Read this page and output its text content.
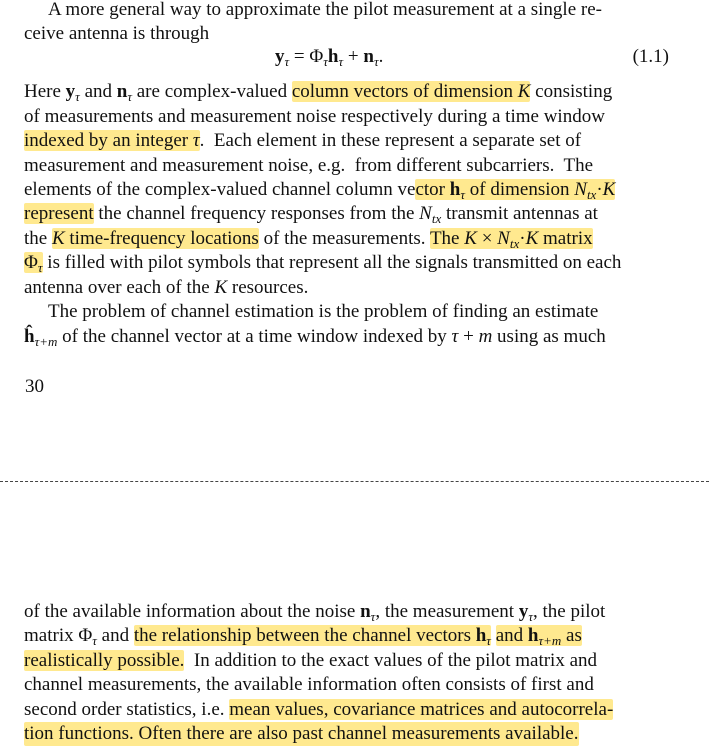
A more general way to approximate the pilot measurement at a single re-
ceive antenna is through
$y_\tau = \Phi_\tau h_\tau + n_\tau$.	(1.1)
Here $y_\tau$ and $n_\tau$ are complex-valued column vectors of dimension K consisting
of measurements and measurement noise respectively during a time window
indexed by an integer τ.  Each element in these represent a separate set of
measurement and measurement noise, e.g.  from different subcarriers.  The
elements of the complex-valued channel column vector $h_\tau$ of dimension $N_{tx}\cdot K$
represent the channel frequency responses from the $N_{tx}$ transmit antennas at
the K time-frequency locations of the measurements. The $K \times N_{tx}\cdot K$ matrix
$\Phi_\tau$ is filled with pilot symbols that represent all the signals transmitted on each
antenna over each of the K resources.
The problem of channel estimation is the problem of finding an estimate
$ĥ_{\tau+m}$ of the channel vector at a time window indexed by τ + m using as much
30
of the available information about the noise $n_\tau$, the measurement $y_\tau$, the pilot
matrix $\Phi_\tau$ and the relationship between the channel vectors $h_\tau$ and $h_{\tau+m}$ as
realistically possible.  In addition to the exact values of the pilot matrix and
channel measurements, the available information often consists of first and
second order statistics, i.e. mean values, covariance matrices and autocorrela-
tion functions. Often there are also past channel measurements available.
